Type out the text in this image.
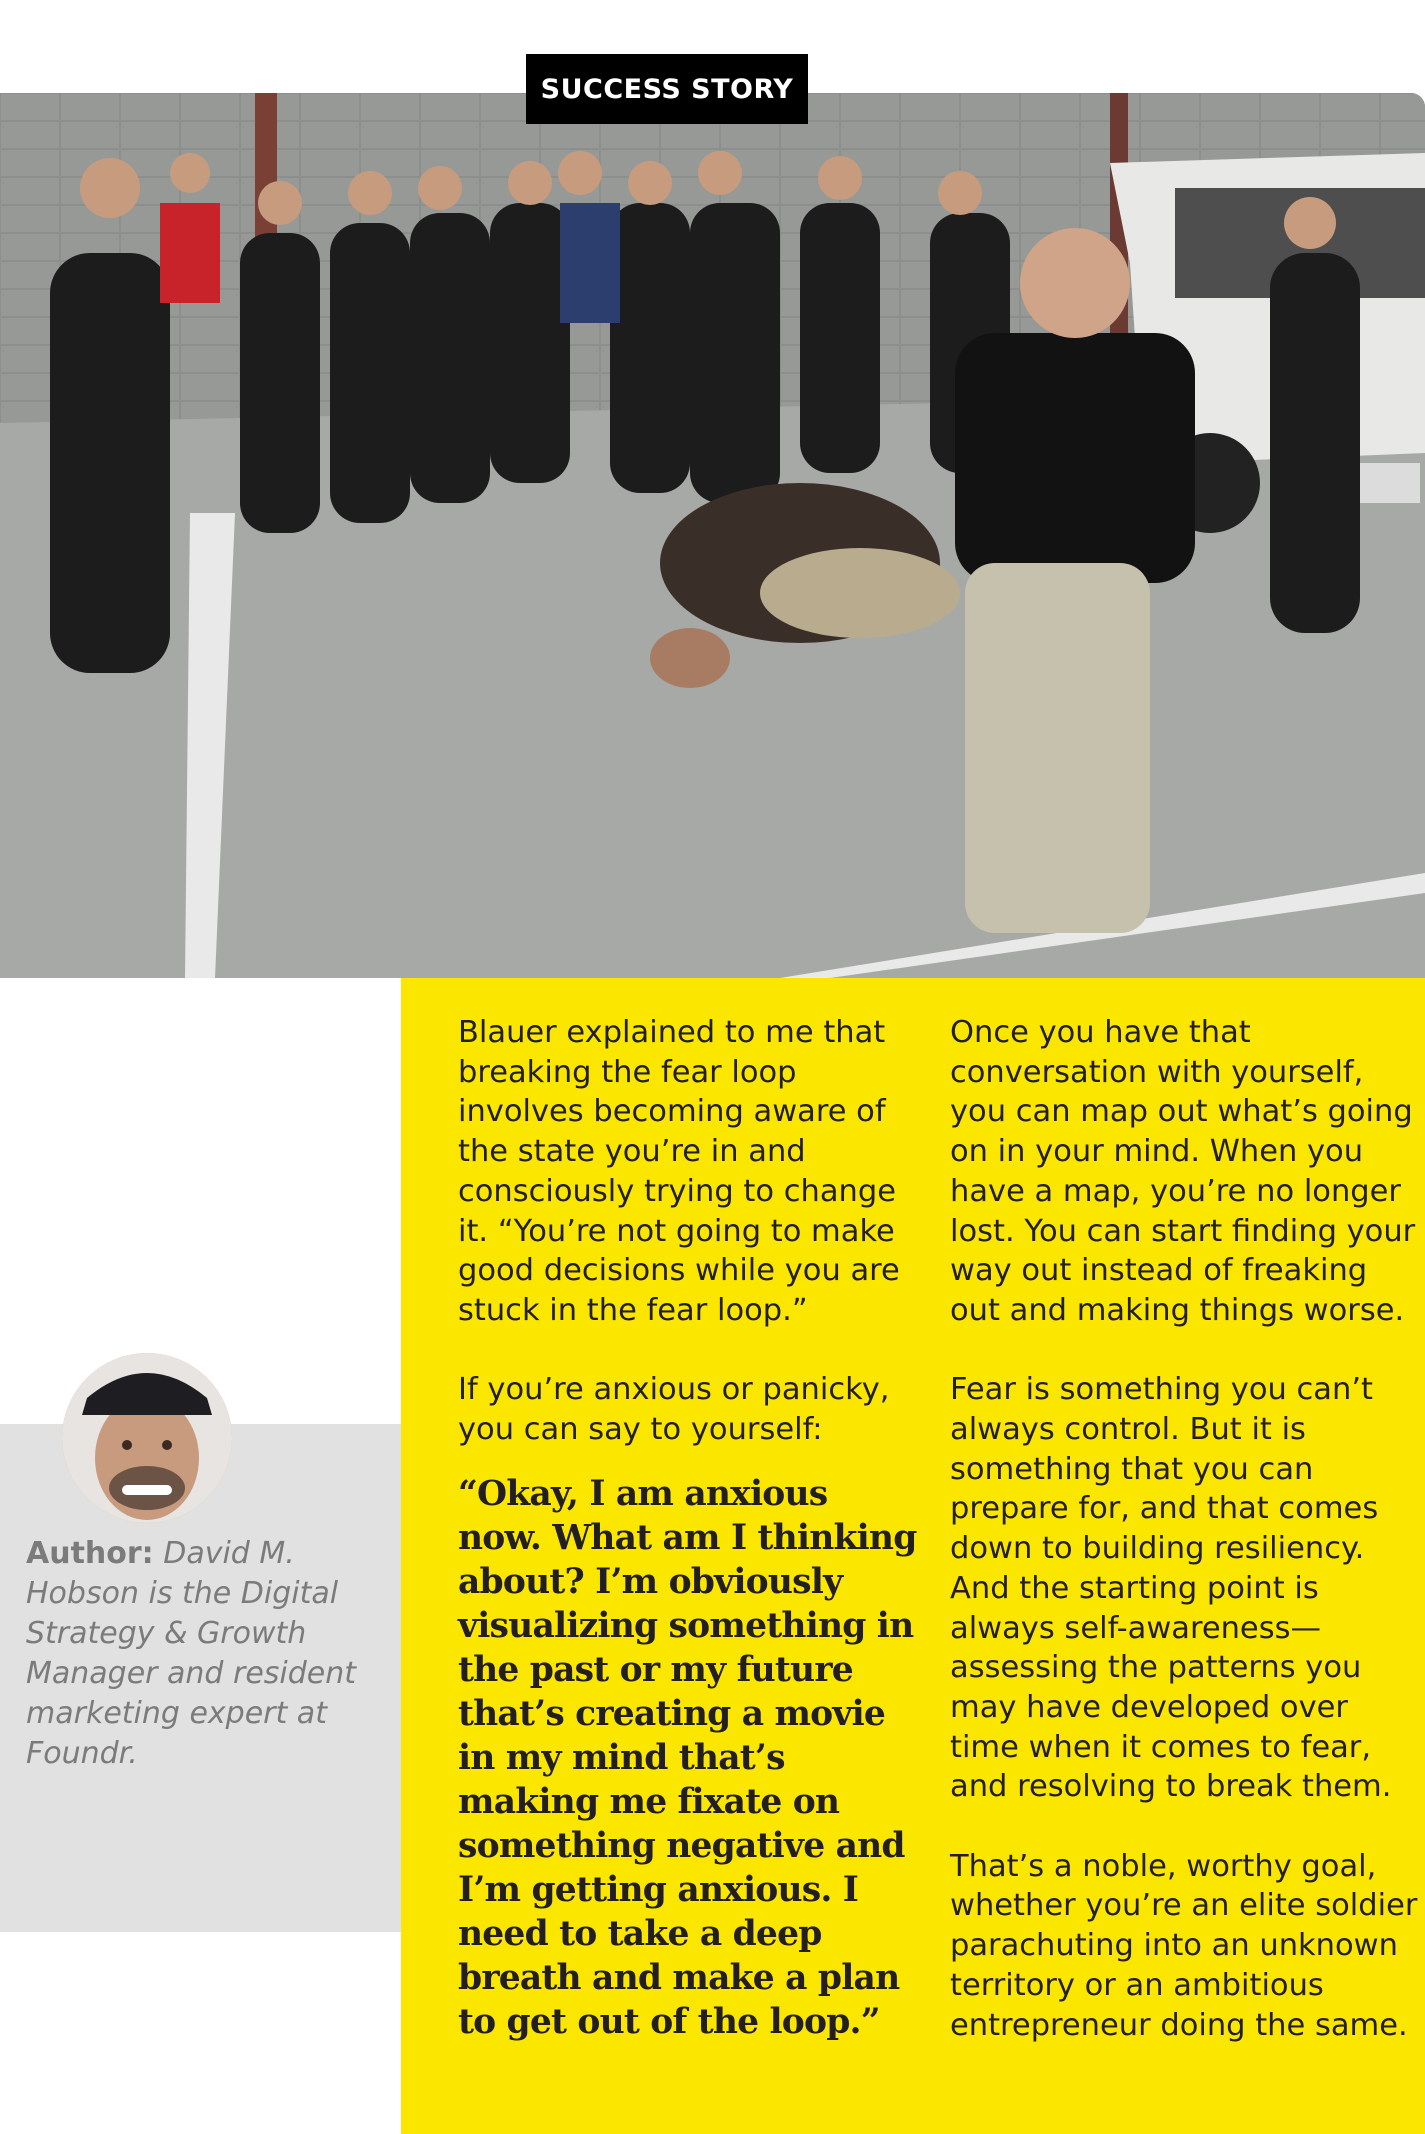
SUCCESS STORY
Author: David M. Hobson is the Digital Strategy & Growth Manager and resident marketing expert at Foundr.

Blauer explained to me that breaking the fear loop involves becoming aware of the state you’re in and consciously trying to change it. “You’re not going to make good decisions while you are stuck in the fear loop.”

If you’re anxious or panicky, you can say to yourself:

“Okay, I am anxious now. What am I thinking about? I’m obviously visualizing something in the past or my future that’s creating a movie in my mind that’s making me fixate on something negative and I’m getting anxious. I need to take a deep breath and make a plan to get out of the loop.”

Once you have that conversation with yourself, you can map out what’s going on in your mind. When you have a map, you’re no longer lost. You can start finding your way out instead of freaking out and making things worse.

Fear is something you can’t always control. But it is something that you can prepare for, and that comes down to building resiliency. And the starting point is always self-awareness—assessing the patterns you may have developed over time when it comes to fear, and resolving to break them.

That’s a noble, worthy goal, whether you’re an elite soldier parachuting into an unknown territory or an ambitious entrepreneur doing the same.
